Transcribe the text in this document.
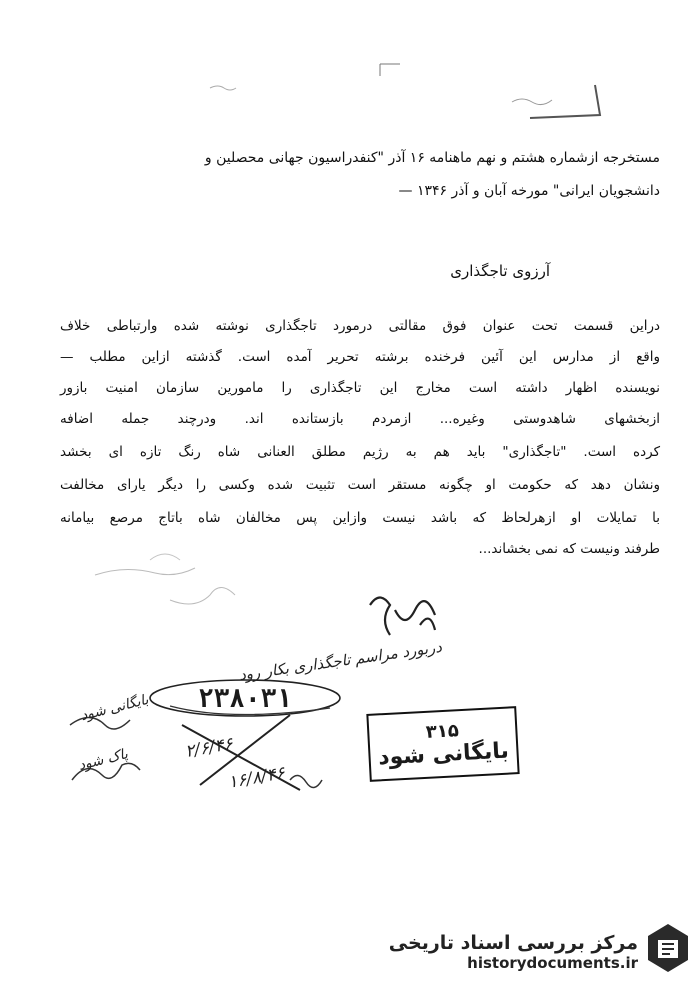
مستخرجه ازشماره هشتم و نهم ماهنامه ۱۶ آذر "کنفدراسیون جهانی محصلین و
دانشجویان ایرانی" مورخه آبان و آذر ۱۳۴۶ —
آرزوی تاجگذاری
دراین قسمت تحت عنوان فوق مقالتی درمورد تاجگذاری نوشته شده وارتباطی خلاف
واقع از مدارس این آئین فرخنده برشته تحریر آمده است. گذشته ازاین مطلب —
نویسنده اظهار داشته است مخارج این تاجگذاری را مامورین سازمان امنیت بازور
ازبخشهای شاهدوستی وغیره... ازمردم بازستانده اند. ودرچند جمله اضافه
کرده است. "تاجگذاری" باید هم به رژیم مطلق العنانی شاه رنگ تازه ای بخشد
ونشان دهد که حکومت او چگونه مستقر است تثبیت شده وکسی را دیگر یارای مخالفت
با تمایلات او ازهرلحاظ که باشد نیست وازاین پس مخالفان شاه باتاج مرصع بیامانه
طرفند ونیست که نمی بخشاند...
دربورد مراسم تاجگذاری بکار رود
بایگانی شود
پاک شود	۲/۶/۴۶
۱۶/۸/۴۶
۲۳۸۰۳۱
۳۱۵
بایگانی شود
مرکز بررسی اسناد تاریخی
historydocuments.ir
